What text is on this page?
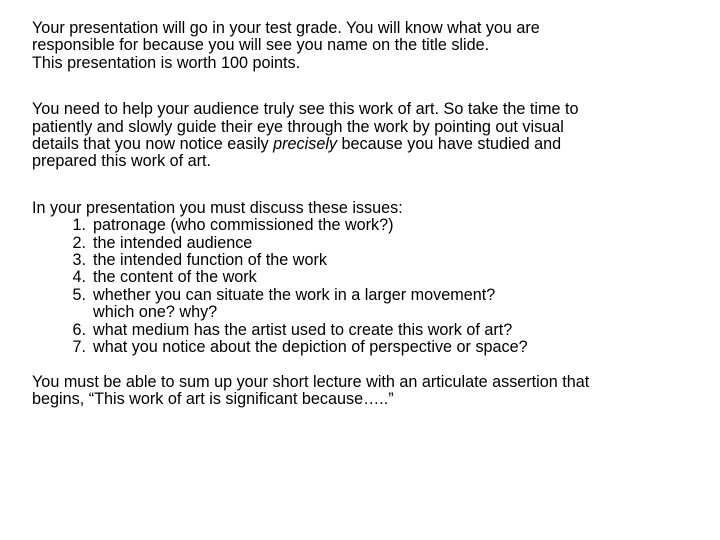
Your presentation will go in your test grade. You will know what you are
responsible for because you will see you name on the title slide.
This presentation is worth 100 points.

You need to help your audience truly see this work of art. So take the time to
patiently and slowly guide their eye through the work by pointing out visual
details that you now notice easily precisely because you have studied and
prepared this work of art.

In your presentation you must discuss these issues:

1. patronage (who commissioned the work?)
2. the intended audience
3. the intended function of the work
4. the content of the work
5. whether you can situate the work in a larger movement?
which one? why?
6. what medium has the artist used to create this work of art?
7. what you notice about the depiction of perspective or space?

You must be able to sum up your short lecture with an articulate assertion that
begins, “This work of art is significant because…..”
